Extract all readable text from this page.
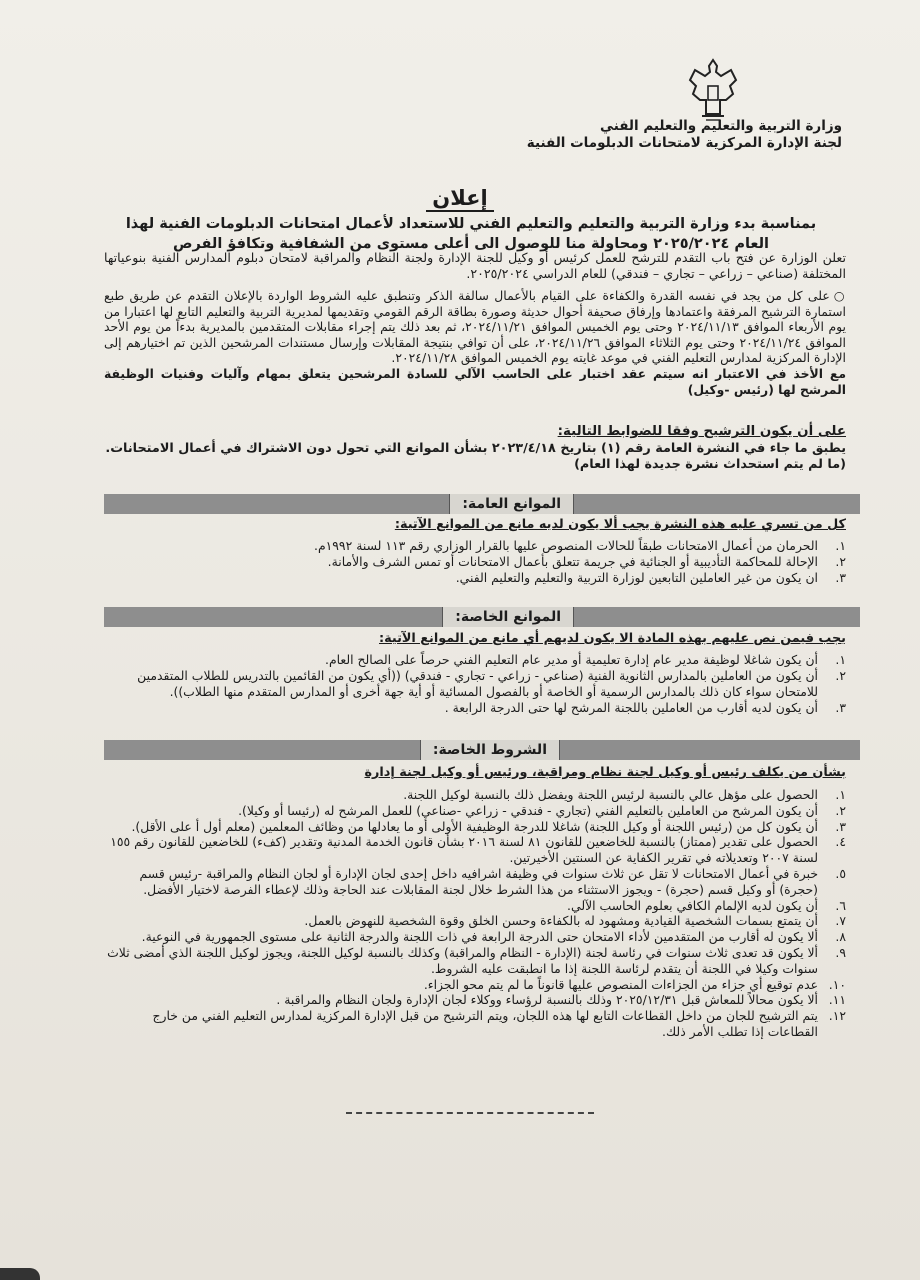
وزارة التربية والتعليم والتعليم الفني
لجنة الإدارة المركزية لامتحانات الدبلومات الفنية
إعلان
بمناسبة بدء وزارة التربية والتعليم والتعليم الفني للاستعداد لأعمال امتحانات الدبلومات الفنية لهذا العام ٢٠٢٥/٢٠٢٤ ومحاولة منا للوصول الى أعلى مستوى من الشفافية وتكافؤ الفرص

تعلن الوزارة عن فتح باب التقدم للترشح للعمل كرئيس أو وكيل للجنة الإدارة ولجنة النظام والمراقبة لامتحان دبلوم المدارس الفنية بنوعياتها المختلفة (صناعي – زراعي – تجاري – فندقي) للعام الدراسي ٢٠٢٥/٢٠٢٤.

○على كل من يجد في نفسه القدرة والكفاءة على القيام بالأعمال سالفة الذكر وتنطبق عليه الشروط الواردة بالإعلان التقدم عن طريق طبع استمارة الترشيح المرفقة واعتمادها وإرفاق صحيفة أحوال حديثة وصورة بطاقة الرقم القومي وتقديمها لمديرية التربية والتعليم التابع لها اعتبارا من يوم الأربعاء الموافق ٢٠٢٤/١١/١٣ وحتى يوم الخميس الموافق ٢٠٢٤/١١/٢١، ثم بعد ذلك يتم إجراء مقابلات المتقدمين بالمديرية بدءاً من يوم الأحد الموافق ٢٠٢٤/١١/٢٤ وحتى يوم الثلاثاء الموافق ٢٠٢٤/١١/٢٦، على أن توافي بنتيجة المقابلات وإرسال مستندات المرشحين الذين تم اختيارهم إلى الإدارة المركزية لمدارس التعليم الفني في موعد غايته يوم الخميس الموافق ٢٠٢٤/١١/٢٨.
مع الأخذ في الاعتبار انه سيتم عقد اختبار على الحاسب الآلي للسادة المرشحين يتعلق بمهام وآليات وفنيات الوظيفة المرشح لها (رئيس -وكيل)
على أن يكون الترشيح وفقا للضوابط التالية:
يطبق ما جاء في النشرة العامة رقم (١) بتاريخ ٢٠٢٣/٤/١٨ بشأن الموانع التي تحول دون الاشتراك في أعمال الامتحانات. (ما لم يتم استحداث نشرة جديدة لهذا العام)
الموانع العامة:
كل من تسري عليه هذه النشرة يجب ألا يكون لديه مانع من الموانع الآتية:
١.
الحرمان من أعمال الامتحانات طبقاً للحالات المنصوص عليها بالقرار الوزاري رقم ١١٣ لسنة ١٩٩٢م.
٢.
الإحالة للمحاكمة التأديبية أو الجنائية في جريمة تتعلق بأعمال الامتحانات أو تمس الشرف والأمانة.
٣.
ان يكون من غير العاملين التابعين لوزارة التربية والتعليم والتعليم الفني.
الموانع الخاصة:
يجب فيمن نص عليهم بهذه المادة الا يكون لديهم أي مانع من الموانع الآتية:
١.
أن يكون شاغلا لوظيفة مدير عام إدارة تعليمية أو مدير عام التعليم الفني حرصاً على الصالح العام.
٢.
أن يكون من العاملين بالمدارس الثانوية الفنية (صناعي - زراعي - تجاري - فندقي) ((أي يكون من القائمين بالتدريس للطلاب المتقدمين للامتحان سواء كان ذلك بالمدارس الرسمية أو الخاصة أو بالفصول المسائية أو أية جهة أخرى أو المدارس المتقدم منها الطلاب)).
٣.
أن يكون لديه أقارب من العاملين باللجنة المرشح لها حتى الدرجة الرابعة .
الشروط الخاصة:
بشأن من يكلف رئيس أو وكيل لجنة نظام ومراقبة، ورئيس أو وكيل لجنة إدارة
١.
الحصول على مؤهل عالي بالنسبة لرئيس اللجنة ويفضل ذلك بالنسبة لوكيل اللجنة.
٢.
أن يكون المرشح من العاملين بالتعليم الفني (تجاري - فندقي - زراعي -صناعي) للعمل المرشح له (رئيسا أو وكيلا).
٣.
أن يكون كل من (رئيس اللجنة أو وكيل اللجنة) شاغلا للدرجة الوظيفية الأولى أو ما يعادلها من وظائف المعلمين (معلم أول أ على الأقل).
٤.
الحصول على تقدير (ممتاز) بالنسبة للخاضعين للقانون ٨١ لسنة ٢٠١٦ بشأن قانون الخدمة المدنية وتقدير (كفء) للخاضعين للقانون رقم ١٥٥ لسنة ٢٠٠٧ وتعديلاته في تقرير الكفاية عن السنتين الأخيرتين.
٥.
خبرة في أعمال الامتحانات لا تقل عن ثلاث سنوات في وظيفة اشرافيه داخل إحدى لجان الإدارة أو لجان النظام والمراقبة -رئيس قسم (حجرة) أو وكيل قسم (حجرة) - ويجوز الاستثناء من هذا الشرط خلال لجنة المقابلات عند الحاجة وذلك لإعطاء الفرصة لاختيار الأفضل.
٦.
أن يكون لديه الإلمام الكافي بعلوم الحاسب الآلي.
٧.
أن يتمتع بسمات الشخصية القيادية ومشهود له بالكفاءة وحسن الخلق وقوة الشخصية للنهوض بالعمل.
٨.
ألا يكون له أقارب من المتقدمين لأداء الامتحان حتى الدرجة الرابعة في ذات اللجنة والدرجة الثانية على مستوى الجمهورية في النوعية.
٩.
ألا يكون قد تعدى ثلاث سنوات في رئاسة لجنة (الإدارة - النظام والمراقبة) وكذلك بالنسبة لوكيل اللجنة، ويجوز لوكيل اللجنة الذي أمضى ثلاث سنوات وكيلا في اللجنة أن يتقدم لرئاسة اللجنة إذا ما انطبقت عليه الشروط.
١٠.
عدم توقيع أي جزاء من الجزاءات المنصوص عليها قانوناً ما لم يتم محو الجزاء.
١١.
ألا يكون محالاً للمعاش قبل ٢٠٢٥/١٢/٣١ وذلك بالنسبة لرؤساء ووكلاء لجان الإدارة ولجان النظام والمراقبة .
١٢.
يتم الترشيح للجان من داخل القطاعات التابع لها هذه اللجان، ويتم الترشيح من قبل الإدارة المركزية لمدارس التعليم الفني من خارج القطاعات إذا تطلب الأمر ذلك.
